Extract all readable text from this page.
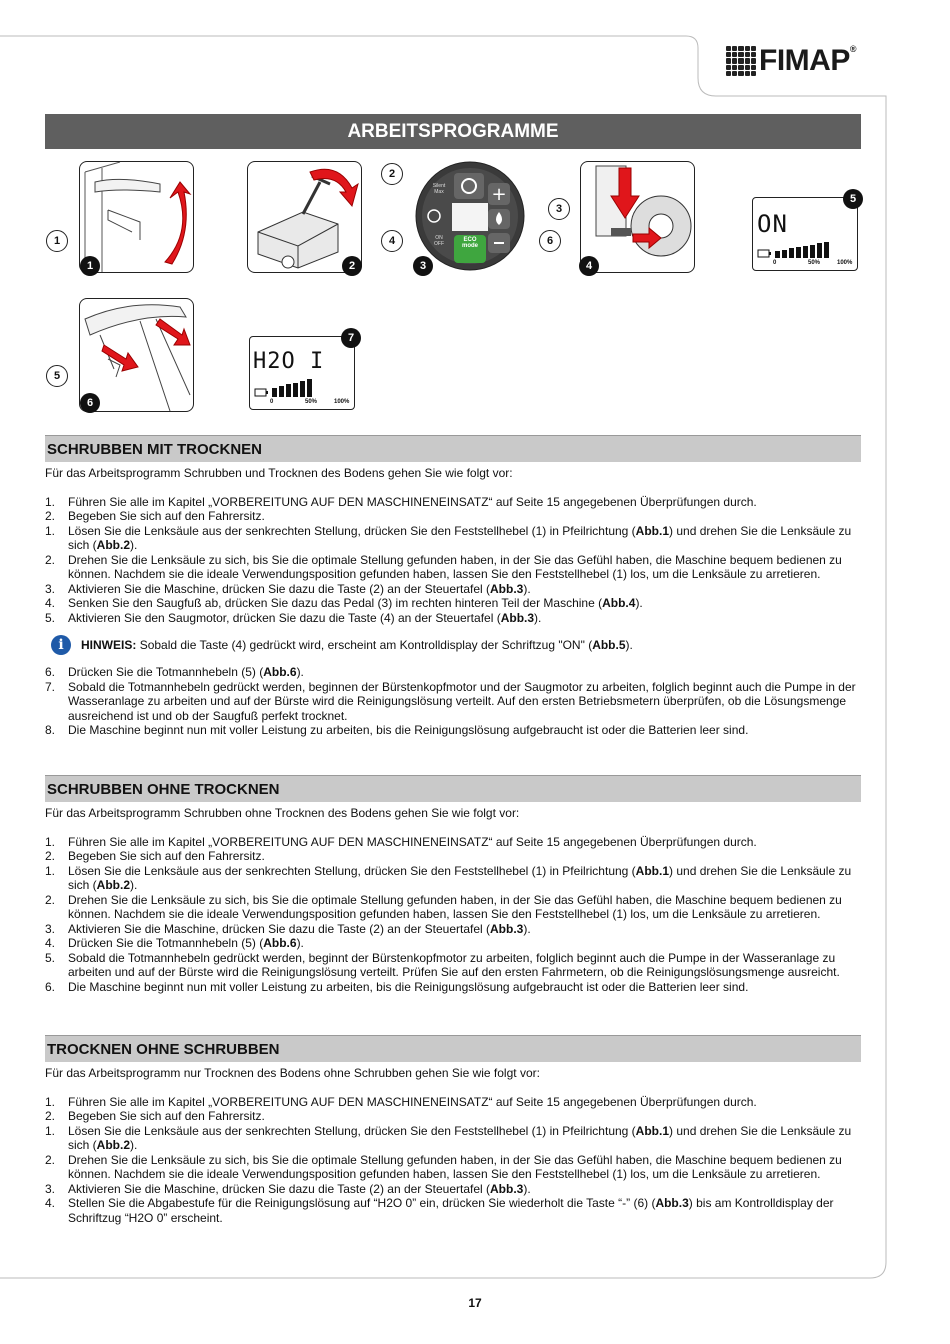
FIMAP®
ARBEITSPROGRAMME
1
1	2
+
Silent Max
ON OFF
ECO mode
2
4	6
3
3
4
ON
0	50%	100%
5
5
6
H2O I
0	50%	100%
7
SCHRUBBEN MIT TROCKNEN
Für das Arbeitsprogramm Schrubben und Trocknen des Bodens gehen Sie wie folgt vor:
1.	Führen Sie alle im Kapitel „VORBEREITUNG AUF DEN MASCHINENEINSATZ“ auf Seite 15 angegebenen Überprüfungen durch.
2.	Begeben Sie sich auf den Fahrersitz.
1.	Lösen Sie die Lenksäule aus der senkrechten Stellung, drücken Sie den Feststellhebel (1) in Pfeilrichtung (Abb.1) und drehen Sie die Lenksäule zu sich (Abb.2).
2.	Drehen Sie die Lenksäule zu sich, bis Sie die optimale Stellung gefunden haben, in der Sie das Gefühl haben, die Maschine bequem bedienen zu können. Nachdem sie die ideale Verwendungsposition gefunden haben, lassen Sie den Feststellhebel (1) los, um die Lenksäule zu arretieren.
3.	Aktivieren Sie die Maschine, drücken Sie dazu die Taste (2) an der Steuertafel (Abb.3).
4.	Senken Sie den Saugfuß ab, drücken Sie dazu das Pedal (3) im rechten hinteren Teil der Maschine (Abb.4).
5.	Aktivieren Sie den Saugmotor, drücken Sie dazu die Taste (4) an der Steuertafel (Abb.3).
i	HINWEIS: Sobald die Taste (4) gedrückt wird, erscheint am Kontrolldisplay der Schriftzug "ON" (Abb.5).
6.	Drücken Sie die Totmannhebeln (5) (Abb.6).
7.	Sobald die Totmannhebeln gedrückt werden, beginnen der Bürstenkopfmotor und der Saugmotor zu arbeiten, folglich beginnt auch die Pumpe in der Wasseranlage zu arbeiten und auf der Bürste wird die Reinigungslösung verteilt. Auf den ersten Betriebsmetern überprüfen, ob die Lösungsmenge ausreichend ist und ob der Saugfuß perfekt trocknet.
8.	Die Maschine beginnt nun mit voller Leistung zu arbeiten, bis die Reinigungslösung aufgebraucht ist oder die Batterien leer sind.
SCHRUBBEN OHNE TROCKNEN
Für das Arbeitsprogramm Schrubben ohne Trocknen des Bodens gehen Sie wie folgt vor:
1.	Führen Sie alle im Kapitel „VORBEREITUNG AUF DEN MASCHINENEINSATZ“ auf Seite 15 angegebenen Überprüfungen durch.
2.	Begeben Sie sich auf den Fahrersitz.
1.	Lösen Sie die Lenksäule aus der senkrechten Stellung, drücken Sie den Feststellhebel (1) in Pfeilrichtung (Abb.1) und drehen Sie die Lenksäule zu sich (Abb.2).
2.	Drehen Sie die Lenksäule zu sich, bis Sie die optimale Stellung gefunden haben, in der Sie das Gefühl haben, die Maschine bequem bedienen zu können. Nachdem sie die ideale Verwendungsposition gefunden haben, lassen Sie den Feststellhebel (1) los, um die Lenksäule zu arretieren.
3.	Aktivieren Sie die Maschine, drücken Sie dazu die Taste (2) an der Steuertafel (Abb.3).
4.	Drücken Sie die Totmannhebeln (5) (Abb.6).
5.	Sobald die Totmannhebeln gedrückt werden, beginnt der Bürstenkopfmotor zu arbeiten, folglich beginnt auch die Pumpe in der Wasseranlage zu arbeiten und auf der Bürste wird die Reinigungslösung verteilt. Prüfen Sie auf den ersten Fahrmetern, ob die Reinigungslösungsmenge ausreicht.
6.	Die Maschine beginnt nun mit voller Leistung zu arbeiten, bis die Reinigungslösung aufgebraucht ist oder die Batterien leer sind.
TROCKNEN OHNE SCHRUBBEN
Für das Arbeitsprogramm nur Trocknen des Bodens ohne Schrubben gehen Sie wie folgt vor:
1.	Führen Sie alle im Kapitel „VORBEREITUNG AUF DEN MASCHINENEINSATZ“ auf Seite 15 angegebenen Überprüfungen durch.
2.	Begeben Sie sich auf den Fahrersitz.
1.	Lösen Sie die Lenksäule aus der senkrechten Stellung, drücken Sie den Feststellhebel (1) in Pfeilrichtung (Abb.1) und drehen Sie die Lenksäule zu sich (Abb.2).
2.	Drehen Sie die Lenksäule zu sich, bis Sie die optimale Stellung gefunden haben, in der Sie das Gefühl haben, die Maschine bequem bedienen zu können. Nachdem sie die ideale Verwendungsposition gefunden haben, lassen Sie den Feststellhebel (1) los, um die Lenksäule zu arretieren.
3.	Aktivieren Sie die Maschine, drücken Sie dazu die Taste (2) an der Steuertafel (Abb.3).
4.	Stellen Sie die Abgabestufe für die Reinigungslösung auf “H2O 0” ein, drücken Sie wiederholt die Taste “-” (6) (Abb.3) bis am Kontrolldisplay der Schriftzug “H2O 0” erscheint.
17
